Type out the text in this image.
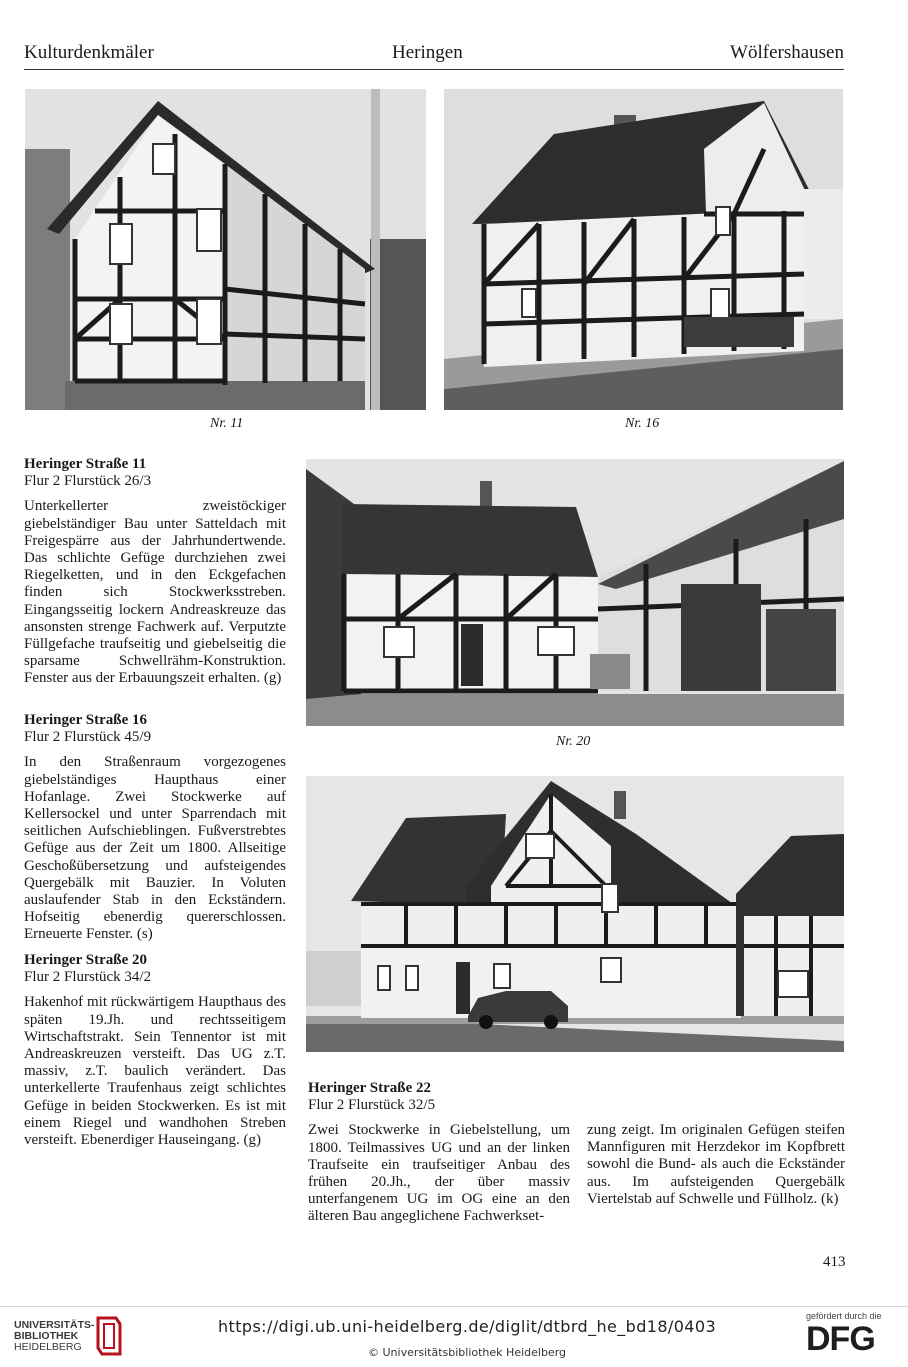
Kulturdenkmäler	Heringen	Wölfershausen
Nr. 11	Nr. 16
Nr. 20
Heringer Straße 11
Flur 2 Flurstück 26/3

Unterkellerter zweistöckiger giebelständiger Bau unter Satteldach mit Freigespärre aus der Jahrhundertwende. Das schlichte Gefüge durchziehen zwei Riegelketten, und in den Eckgefachen finden sich Stockwerksstreben. Eingangsseitig lockern Andreaskreuze das ansonsten strenge Fachwerk auf. Verputzte Füllgefache traufseitig und giebelseitig die sparsame Schwellrähm-Konstruktion. Fenster aus der Erbauungszeit erhalten. (g)

Heringer Straße 16
Flur 2 Flurstück 45/9

In den Straßenraum vorgezogenes giebelständiges Haupthaus einer Hofanlage. Zwei Stockwerke auf Kellersockel und unter Sparrendach mit seitlichen Aufschieblingen. Fußverstrebtes Gefüge aus der Zeit um 1800. Allseitige Geschoßübersetzung und aufsteigendes Quergebälk mit Bauzier. In Voluten auslaufender Stab in den Eckständern. Hofseitig ebenerdig quererschlossen. Erneuerte Fenster. (s)

Heringer Straße 20
Flur 2 Flurstück 34/2

Hakenhof mit rückwärtigem Haupthaus des späten 19.Jh. und rechtsseitigem Wirtschaftstrakt. Sein Tennentor ist mit Andreaskreuzen versteift. Das UG z.T. massiv, z.T. baulich verändert. Das unterkellerte Traufenhaus zeigt schlichtes Gefüge in beiden Stockwerken. Es ist mit einem Riegel und wandhohen Streben versteift. Ebenerdiger Hauseingang. (g)

Heringer Straße 22
Flur 2 Flurstück 32/5

Zwei Stockwerke in Giebelstellung, um 1800. Teilmassives UG und an der linken Traufseite ein traufseitiger Anbau des frühen 20.Jh., der über massiv unterfangenem UG im OG eine an den älteren Bau angeglichene Fachwerkset-

zung zeigt. Im originalen Gefügen steifen Mannfiguren mit Herzdekor im Kopfbrett sowohl die Bund- als auch die Eckständer aus. Im aufsteigenden Quergebälk Viertelstab auf Schwelle und Füllholz. (k)

413
UNIVERSITÄTS-
BIBLIOTHEK
HEIDELBERG
https://digi.ub.uni-heidelberg.de/diglit/dtbrd_he_bd18/0403
© Universitätsbibliothek Heidelberg
gefördert durch die
DFG
